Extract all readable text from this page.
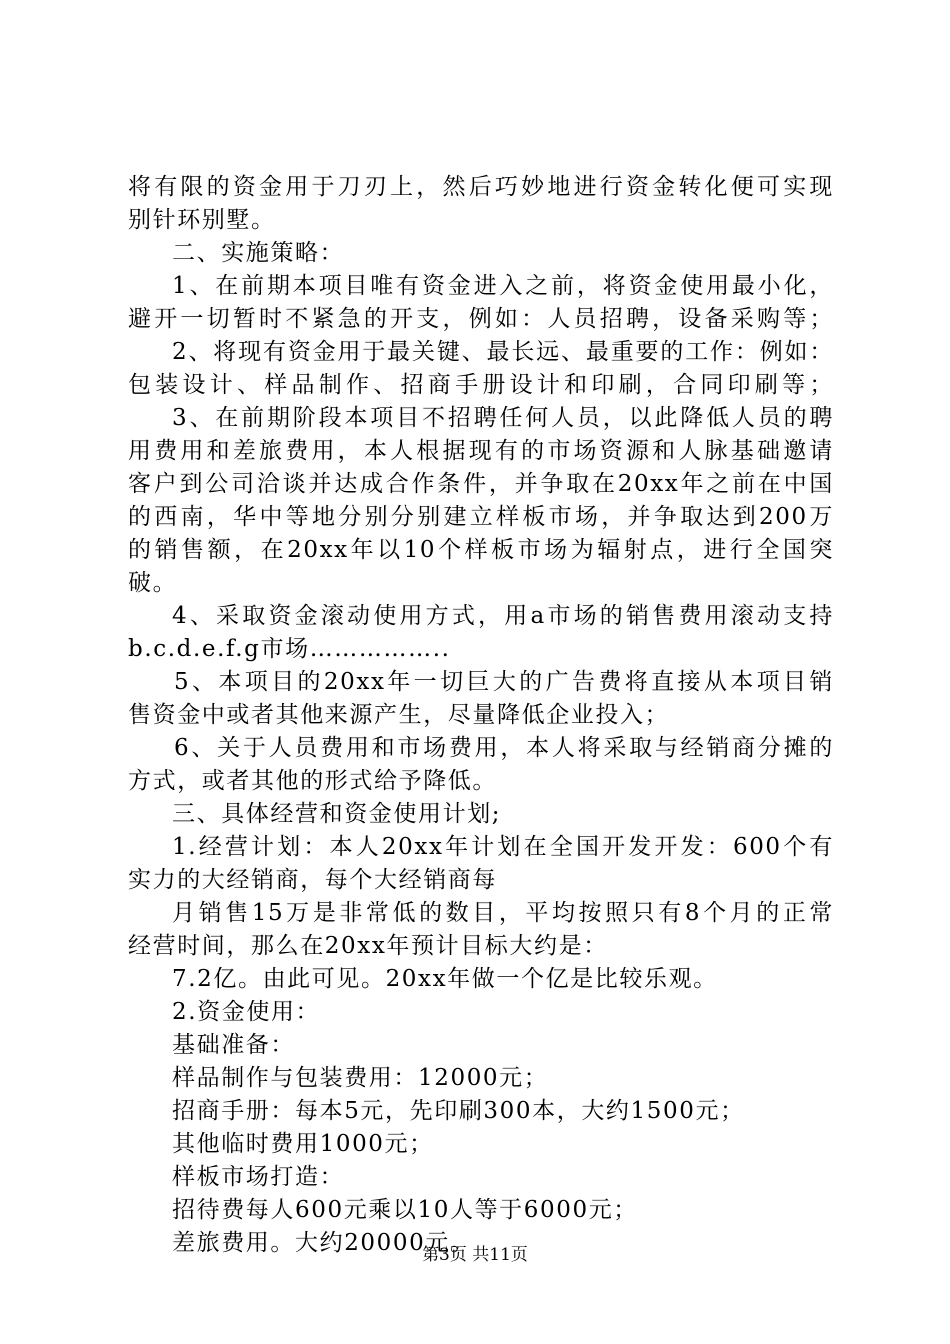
将有限的资金用于刀刃上，然后巧妙地进行资金转化便可实现
别针环别墅。
二、实施策略：
1、在前期本项目唯有资金进入之前，将资金使用最小化，
避开一切暂时不紧急的开支，例如：人员招聘，设备采购等；
2、将现有资金用于最关键、最长远、最重要的工作：例如：
包装设计、样品制作、招商手册设计和印刷，合同印刷等；
3、在前期阶段本项目不招聘任何人员，以此降低人员的聘
用费用和差旅费用，本人根据现有的市场资源和人脉基础邀请
客户到公司洽谈并达成合作条件，并争取在20xx年之前在中国
的西南，华中等地分别分别建立样板市场，并争取达到200万
的销售额，在20xx年以10个样板市场为辐射点，进行全国突
破。
4、采取资金滚动使用方式，用a市场的销售费用滚动支持
b.c.d.e.f.g市场……………..
5、本项目的20xx年一切巨大的广告费将直接从本项目销
售资金中或者其他来源产生，尽量降低企业投入；
6、关于人员费用和市场费用，本人将采取与经销商分摊的
方式，或者其他的形式给予降低。
三、具体经营和资金使用计划;
1.经营计划：本人20xx年计划在全国开发开发：600个有
实力的大经销商，每个大经销商每
月销售15万是非常低的数目，平均按照只有8个月的正常
经营时间，那么在20xx年预计目标大约是：
7.2亿。由此可见。20xx年做一个亿是比较乐观。
2.资金使用：
基础准备：
样品制作与包装费用：12000元；
招商手册：每本5元，先印刷300本，大约1500元；
其他临时费用1000元；
样板市场打造：
招待费每人600元乘以10人等于6000元；
差旅费用。大约20000元。
第3页 共11页
